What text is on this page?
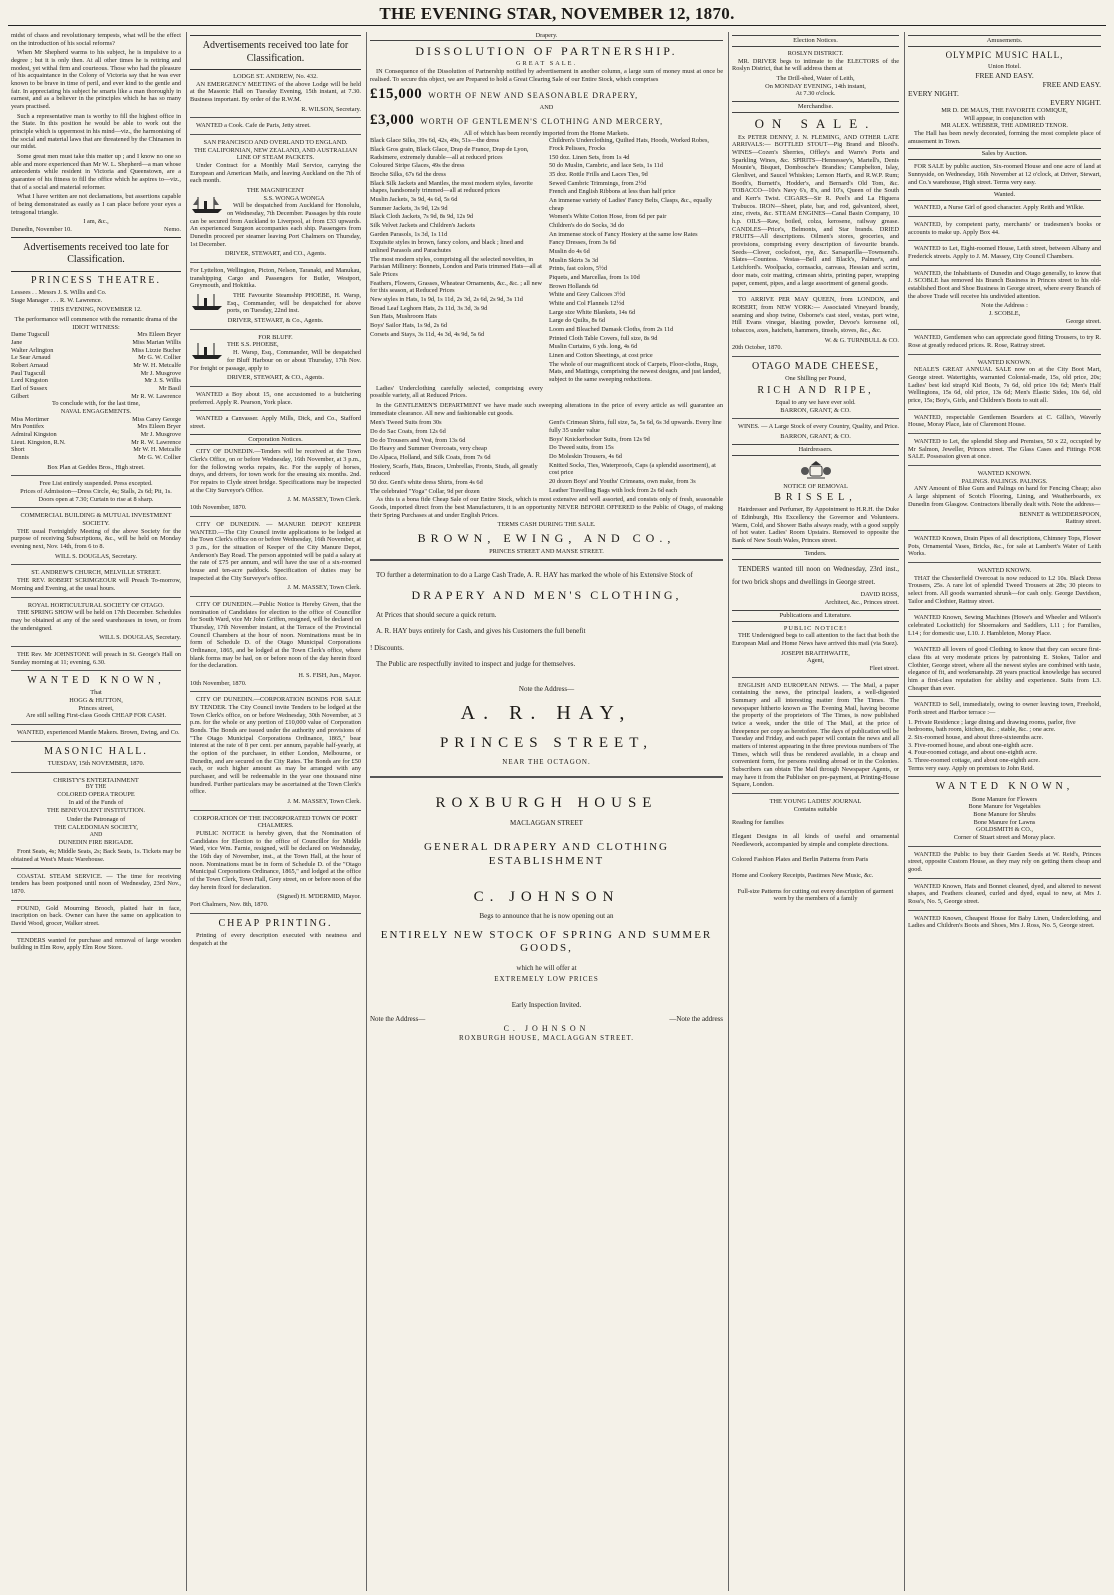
THE EVENING STAR, NOVEMBER 12, 1870.

midst of chaos and revolutionary tempests, what will be the effect on the introduction of his social reforms?

When Mr Shepherd warms to his subject, he is impulsive to a degree ; but it is only then. At all other times he is retiring and modest, yet withal firm and courteous. Those who had the pleasure of his acquaintance in the Colony of Victoria say that he was ever known to be brave in time of peril, and ever kind to the gentle and fair. In appreciating his subject he smarts like a man thoroughly in earnest, and as a believer in the principles which he has so many years practised.

Such a representative man is worthy to fill the highest office in the State. In this position he would be able to work out the principle which is uppermost in his mind—viz., the harmonising of the social and material laws that are threatened by the Chinamen in our midst.

Some great men must take this matter up ; and I know no one so able and more experienced than Mr W. L. Shepherd—a man whose antecedents while resident in Victoria and Queenstown, are a guarantee of his fitness to fill the office which he aspires to—viz., that of a social and material reformer.

What I have written are not declamations, but assertions capable of being demonstrated as easily as I can place before your eyes a tetragonal triangle.

I am, &c.,
Dunedin, November 10.	Nemo.
Advertisements received too late for Classification.
PRINCESS THEATRE.
Lessees . . Messrs J. S. Willis and Co.
Stage Manager . . . R. W. Lawrence.
THIS EVENING, NOVEMBER 12.
The performance will commence with the romantic drama of the
IDIOT WITNESS:
Dame Tugscull	Mrs Eileen Bryer
Jane	Miss Marian Willis
Walter Arlington	Miss Lizzie Bucher
Le Sear Arnaud	Mr G. W. Collier
Robert Arnaud	Mr W. H. Metcalfe
Paul Tugscull	Mr J. Musgrove
Lord Kingston	Mr J. S. Willis
Earl of Sussex	Mr Basil
Gilbert	Mr R. W. Lawrence
To conclude with, for the last time,
NAVAL ENGAGEMENTS.
Miss Mortimer	Miss Carey George
Mrs Pontifex	Mrs Eileen Bryer
Admiral Kingston	Mr J. Musgrove
Lieut. Kingston, R.N.	Mr R. W. Lawrence
Short	Mr W. H. Metcalfe
Dennis	Mr G. W. Collier
Box Plan at Geddes Bros., High street.
Free List entirely suspended. Press excepted.
Prices of Admission—Dress Circle, 4s; Stalls, 2s 6d; Pit, 1s.
Doors open at 7.30; Curtain to rise at 8 sharp.
COMMERCIAL BUILDING & MUTUAL INVESTMENT SOCIETY.

THE usual Fortnightly Meeting of the above Society for the purpose of receiving Subscriptions, &c., will be held on Monday evening next, Nov. 14th, from 6 to 8.

WILL S. DOUGLAS, Secretary.
ST. ANDREW'S CHURCH, MELVILLE STREET.

THE REV. ROBERT SCRIMGEOUR will Preach To-morrow, Morning and Evening, at the usual hours.

ROYAL HORTICULTURAL SOCIETY OF OTAGO.

THE SPRING SHOW will be held on 17th December. Schedules may be obtained at any of the seed warehouses in town, or from the undersigned.

WILL S. DOUGLAS, Secretary.

THE Rev. Mr JOHNSTONE will preach in St. George's Hall on Sunday morning at 11; evening, 6.30.

WANTED KNOWN,
That
HOGG & HUTTON,
Princes street,
Are still selling First-class Goods CHEAP FOR CASH.

WANTED, experienced Mantle Makers. Brown, Ewing, and Co.

MASONIC HALL.
TUESDAY, 15th NOVEMBER, 1870.
CHRISTY'S ENTERTAINMENT
BY THE
COLORED OPERA TROUPE
In aid of the Funds of
THE BENEVOLENT INSTITUTION.
Under the Patronage of
THE CALEDONIAN SOCIETY,
AND
DUNEDIN FIRE BRIGADE.

Front Seats, 4s; Middle Seats, 2s; Back Seats, 1s. Tickets may be obtained at West's Music Warehouse.

COASTAL STEAM SERVICE. — The time for receiving tenders has been postponed until noon of Wednesday, 23rd Nov., 1870.

FOUND, Gold Mourning Brooch, plaited hair in face, inscription on back. Owner can have the same on application to David Wood, grocer, Walker street.

TENDERS wanted for purchase and removal of large wooden building in Elm Row, apply Elm Row Store.

Advertisements received too late for Classification.
LODGE ST. ANDREW, No. 432.

AN EMERGENCY MEETING of the above Lodge will be held at the Masonic Hall on Tuesday Evening, 15th instant, at 7.30. Business important. By order of the R.W.M.

R. WILSON, Secretary.

WANTED a Cook. Cafe de Paris, Jetty street.

SAN FRANCISCO AND OVERLAND TO ENGLAND.
THE CALIFORNIAN, NEW ZEALAND, AND AUSTRALIAN LINE OF STEAM PACKETS.

Under Contract for a Monthly Mail Service, carrying the European and American Mails, and leaving Auckland on the 7th of each month.

THE MAGNIFICENT
S.S. WONGA WONGA

Will be despatched from Auckland for Honolulu, on Wednesday, 7th December. Passages by this route can be secured from Auckland to Liverpool, at from £33 upwards. An experienced Surgeon accompanies each ship. Passengers from Dunedin proceed per steamer leaving Port Chalmers on Thursday, 1st December.

DRIVER, STEWART, and CO., Agents.

For Lyttelton, Wellington, Picton, Nelson, Taranaki, and Manukau, transhipping Cargo and Passengers for Butler, Westport, Greymouth, and Hokitika.

THE Favourite Steamship PHOEBE, H. Warsp, Esq., Commander, will be despatched for above ports, on Tuesday, 22nd inst.

DRIVER, STEWART, & Co., Agents.
FOR BLUFF.
THE S.S. PHOEBE,

H. Warsp, Esq., Commander, Will be despatched for Bluff Harbour on or about Thursday, 17th Nov. For freight or passage, apply to

DRIVER, STEWART, & CO., Agents.

WANTED a Boy about 15, one accustomed to a butchering preferred. Apply R. Pearson, York place.

WANTED a Canvasser. Apply Mills, Dick, and Co., Stafford street.

Corporation Notices.

CITY OF DUNEDIN.—Tenders will be received at the Town Clerk's Office, on or before Wednesday, 16th November, at 3 p.m., for the following works repairs, &c. For the supply of horses, drays, and drivers, for town work for the ensuing six months. 2nd. For repairs to Clyde street bridge. Specifications may be inspected at the City Surveyor's Office.

J. M. MASSEY, Town Clerk.
10th November, 1870.

CITY OF DUNEDIN. — MANURE DEPOT KEEPER WANTED.—The City Council invite applications to be lodged at the Town Clerk's office on or before Wednesday, 16th November, at 3 p.m., for the situation of Keeper of the City Manure Depot, Anderson's Bay Road. The person appointed will be paid a salary at the rate of £75 per annum, and will have the use of a six-roomed house and ten-acre paddock. Specification of duties may be inspected at the City Surveyor's office.

J. M. MASSEY, Town Clerk.

CITY OF DUNEDIN.—Public Notice is Hereby Given, that the nomination of Candidates for election to the office of Councillor for South Ward, vice Mr John Griffen, resigned, will be declared on Thursday, 17th November instant, at the Terrace of the Provincial Council Chambers at the hour of noon. Nominations must be in form of Schedule D. of the Otago Municipal Corporations Ordinance, 1865, and be lodged at the Town Clerk's office, where blank forms may be had, on or before noon of the day herein fixed for the declaration.

H. S. FISH, Jun., Mayor.
10th November, 1870.

CITY OF DUNEDIN.—CORPORATION BONDS FOR SALE BY TENDER. The City Council invite Tenders to be lodged at the Town Clerk's office, on or before Wednesday, 30th November, at 3 p.m. for the whole or any portion of £10,000 value of Corporation Bonds. The Bonds are issued under the authority and provisions of "The Otago Municipal Corporations Ordinance, 1865," bear interest at the rate of 8 per cent. per annum, payable half-yearly, at the option of the purchaser, in either London, Melbourne, or Dunedin, and are secured on the City Rates. The Bonds are for £50 each, or such higher amount as may be arranged with any purchaser, and will be redeemable in the year one thousand nine hundred. Further particulars may be ascertained at the Town Clerk's office.

J. M. MASSEY, Town Clerk.
CORPORATION OF THE INCORPORATED TOWN OF PORT CHALMERS.

PUBLIC NOTICE is hereby given, that the Nomination of Candidates for Election to the office of Councillor for Middle Ward, vice Wm. Farnie, resigned, will be declared on Wednesday, the 16th day of November, inst., at the Town Hall, at the hour of noon. Nominations must be in form of Schedule D. of the "Otago Municipal Corporations Ordinance, 1865," and lodged at the office of the Town Clerk, Town Hall, Grey street, on or before noon of the day herein fixed for declaration.

(Signed) H. M'DERMID, Mayor.
Port Chalmers, Nov. 8th, 1870.
CHEAP PRINTING.

Printing of every description executed with neatness and despatch at the

Drapery.
DISSOLUTION OF PARTNERSHIP.
GREAT SALE.

IN Consequence of the Dissolution of Partnership notified by advertisement in another column, a large sum of money must at once be realised. To secure this object, we are Prepared to hold a Great Clearing Sale of our Entire Stock, which comprises

£15,000 WORTH OF NEW AND SEASONABLE DRAPERY,
AND
£3,000 WORTH OF GENTLEMEN'S CLOTHING AND MERCERY,
All of which has been recently imported from the Home Markets.
Black Glace Silks, 39s 6d, 42s, 49s, 51s—the dress
Black Gros grain, Black Glace, Drap de France, Drap de Lyon, Radsimere, extremely durable—all at reduced prices
Coloured Stripe Glaces, 49s the dress
Broche Silks, 67s 6d the dress
Black Silk Jackets and Mantles, the most modern styles, favorite shapes, handsomely trimmed—all at reduced prices
Muslin Jackets, 3s 9d, 4s 6d, 5s 6d
Summer Jackets, 3s 9d, 12s 9d
Black Cloth Jackets, 7s 9d, 8s 9d, 12s 9d
Silk Velvet Jackets and Children's Jackets
Garden Parasols, 1s 3d, 1s 11d
Exquisite styles in brown, fancy colors, and black ; lined and unlined Parasols and Parachutes
The most modern styles, comprising all the selected novelties, in Parisian Millinery: Bonnets, London and Paris trimmed Hats—all at Sale Prices
Feathers, Flowers, Grasses, Wheatear Ornaments, &c., &c. ; all new for this season, at Reduced Prices
New styles in Hats, 1s 9d, 1s 11d, 2s 3d, 2s 6d, 2s 9d, 3s 11d
Broad Leaf Leghorn Hats, 2s 11d, 3s 3d, 3s 9d
Sun Hats, Mushroom Hats
Boys' Sailor Hats, 1s 9d, 2s 6d
Corsets and Stays, 3s 11d, 4s 3d, 4s 9d, 5s 6d
Children's Underclothing, Quilted Hats, Hoods, Worked Robes, Frock Pelisses, Frocks
150 doz. Linen Sets, from 1s 4d
50 do Muslin, Cambric, and lace Sets, 1s 11d
35 doz. Rottle Frills and Laces Ties, 9d
Sewed Cambric Trimmings, from 2½d
French and English Ribbons at less than half price
An immense variety of Ladies' Fancy Belts, Clasps, &c., equally cheap
Women's White Cotton Hose, from 6d per pair
Children's do do Socks, 3d do
An immense stock of Fancy Hosiery at the same low Rates
Fancy Dresses, from 3s 6d
Muslin do 4s 6d
Muslin Skirts 3s 3d
Prints, fast colors, 5½d
Piquets, and Marcellas, from 1s 10d
Brown Hollands 6d
White and Grey Calicoes 3½d
White and Col Flannels 12½d
Large size White Blankets, 14s 6d
Large do Quilts, 8s 6d
Loom and Bleached Damask Cloths, from 2s 11d
Printed Cloth Table Covers, full size, 8s 9d
Muslin Curtains, 6 yds. long, 4s 6d
Linen and Cotton Sheetings, at cost price
The whole of our magnificent stock of Carpets, Floor-cloths, Rugs, Mats, and Mattings, comprising the newest designs, and just landed, subject to the same sweeping reductions.

Ladies' Underclothing carefully selected, comprising every possible variety, all at Reduced Prices.

In the GENTLEMEN'S DEPARTMENT we have made such sweeping alterations in the price of every article as will guarantee an immediate clearance. All new and fashionable cut goods.

Men's Tweed Suits from 30s
Do do Sac Coats, from 12s 6d
Do do Trousers and Vest, from 13s 6d
Do Heavy and Summer Overcoats, very cheap
Do Alpaca, Holland, and Silk Coats, from 7s 6d
Hosiery, Scarfs, Hats, Braces, Umbrellas, Fronts, Studs, all greatly reduced
50 doz. Gent's white dress Shirts, from 4s 6d
The celebrated "Yoga" Collar, 9d per dozen
Gent's Crimean Shirts, full size, 5s, 5s 6d, 6s 3d upwards. Every line fully 35 under value
Boys' Knickerbocker Suits, from 12s 9d
Do Tweed suits, from 15s
Do Moleskin Trousers, 4s 6d
Knitted Socks, Ties, Waterproofs, Caps (a splendid assortment), at cost price
20 dozen Boys' and Youths' Crimeans, own make, from 3s
Leather Travelling Bags with lock from 2s 6d each

As this is a bona fide Cheap Sale of our Entire Stock, which is most extensive and well assorted, and consists only of fresh, seasonable Goods, imported direct from the best Manufacturers, it is an opportunity NEVER BEFORE OFFERED to the Public of Otago, of making their Spring Purchases at and under English Prices.

TERMS CASH DURING THE SALE.
BROWN, EWING, AND CO.,
PRINCES STREET AND MANSE STREET.

TO further a determination to do a Large Cash Trade, A. R. HAY has marked the whole of his Extensive Stock of

DRAPERY AND MEN'S CLOTHING,

At Prices that should secure a quick return.

A. R. HAY buys entirely for Cash, and gives his Customers the full benefit

! Discounts.

The Public are respectfully invited to inspect and judge for themselves.

Note the Address—
A. R. HAY,
PRINCES STREET,
NEAR THE OCTAGON.
ROXBURGH HOUSE
MACLAGGAN STREET
GENERAL DRAPERY AND CLOTHING ESTABLISHMENT
C. JOHNSON
Begs to announce that he is now opening out an
ENTIRELY NEW STOCK OF SPRING AND SUMMER GOODS,
which he will offer at
EXTREMELY LOW PRICES
Early Inspection Invited.
Note the Address—	—Note the address
C. JOHNSON
ROXBURGH HOUSE, MACLAGGAN STREET.
Election Notices.
ROSLYN DISTRICT.

MR. DRIVER begs to intimate to the ELECTORS of the Roslyn District, that he will address them at

The Drill-shed, Water of Leith,
On MONDAY EVENING, 14th instant,
At 7.30 o'clock.
Merchandise.
ON SALE.

Ex PETER DENNY, J. N. FLEMING, AND OTHER LATE ARRIVALS:— BOTTLED STOUT—Pig Brand and Blood's. WINES—Cozen's Sherries, Offley's and Warre's Ports and Sparkling Wines, &c. SPIRITS—Hennessey's, Martell's, Denis Mounie's, Bisquet, Dombosche's Brandies; Campbelton, Islay, Glenlivet, and Saucel Whiskies; Lemon Hart's, and R.W.P. Rum; Booth's, Burnett's, Hodder's, and Bernard's Old Tom, &c. TOBACCO—10s's Navy 6's, 8's, and 10's, Queen of the South and Kerr's Twist. CIGARS—Sir R. Peel's and La Higuera Trabucos. IRON—Sheet, plate, bar, and rod, galvanized, sheet, zinc, rivets, &c. STEAM ENGINES—Canal Basin Company, 10 h.p. OILS—Raw, boiled, colza, kerosene, railway grease. CANDLES—Price's, Belmonts, and Star brands. DRIED FRUITS—All descriptions. Oilmen's stores, groceries, and provisions, comprising every description of favourite brands. Seeds—Clover, cocksfoot, rye, &c. Sarsaparilla—Townsend's. Slates—Countess. Vestas—Bell and Black's, Palmer's, and Letchford's. Woolpacks, cornsacks, canvass, Hessian and scrim, door mats, coir matting, crimean shirts, printing paper, wrapping paper, cement, pipes, and a large assortment of general goods.

TO ARRIVE PER MAY QUEEN, from LONDON, and ROBERT, from NEW YORK:— Associated Vineyard brandy, seaming and shop twine, Osborne's cast steel, vestas, port wine, Hill Evans vinegar, blasting powder, Devoe's kerosene oil, tobaccos, axes, hatchets, hammers, tinsels, stoves, &c., &c.

W. & G. TURNBULL & CO.
20th October, 1870.
OTAGO MADE CHEESE,
One Shilling per Pound,
RICH AND RIPE,
Equal to any we have ever sold.
BARRON, GRANT, & CO.

WINES. — A Large Stock of every Country, Quality, and Price.

BARRON, GRANT, & CO.
Hairdressers.
NOTICE OF REMOVAL
BRISSEL,

Hairdresser and Perfumer, By Appointment to H.R.H. the Duke of Edinburgh, His Excellency the Governor and Volunteers. Warm, Cold, and Shower Baths always ready, with a good supply of hot water. Ladies' Room Upstairs. Removed to opposite the Bank of New South Wales, Princes street.

Tenders.

TENDERS wanted till noon on Wednesday, 23rd inst., for two brick shops and dwellings in George street.

DAVID ROSS,
Architect, &c., Princes street.
Publications and Literature.
PUBLIC NOTICE!

THE Undersigned begs to call attention to the fact that both the European Mail and Home News have arrived this mail (via Suez).

JOSEPH BRAITHWAITE,
Agent,
Fleet street.

ENGLISH AND EUROPEAN NEWS. — The Mail, a paper containing the news, the principal leaders, a well-digested Summary and all interesting matter from The Times. The newspaper hitherto known as The Evening Mail, having become the property of the proprietors of The Times, is now published twice a week, under the title of The Mail, at the price of threepence per copy as heretofore. The days of publication will be Tuesday and Friday, and each paper will contain the news and all matters of interest appearing in the three previous numbers of The Times, which will thus be rendered available, in a cheap and convenient form, for persons residing abroad or in the Colonies. Subscribers can obtain The Mail through Newspaper Agents, or may have it from the Publisher on pre-payment, at Printing-House Square, London.

THE YOUNG LADIES' JOURNAL
Contains suitable
Reading for families

Elegant Designs in all kinds of useful and ornamental Needlework, accompanied by simple and complete directions.

Colored Fashion Plates and Berlin Patterns from Paris

Home and Cookery Receipts, Pastimes New Music, &c.

Full-size Patterns for cutting out every description of garment worn by the members of a family

Amusements.
OLYMPIC MUSIC HALL,
Union Hotel.
FREE AND EASY.
FREE AND EASY.
EVERY NIGHT.
EVERY NIGHT.
MR D. DE MAUS, THE FAVORITE COMIQUE,
Will appear, in conjunction with
MR ALEX. WEBBER, THE ADMIRED TENOR.

The Hall has been newly decorated, forming the most complete place of amusement in Town.

Sales by Auction.

FOR SALE by public auction, Six-roomed House and one acre of land at Sunnyside, on Wednesday, 16th November at 12 o'clock, at Driver, Stewart, and Co.'s warehouse, High street. Terms very easy.

Wanted.

WANTED, a Nurse Girl of good character. Apply Reith and Wilkie.

WANTED, by competent party, merchants' or tradesmen's books or accounts to make up. Apply Box 44.

WANTED to Let, Eight-roomed House, Leith street, between Albany and Frederick streets. Apply to J. M. Massey, City Council Chambers.

WANTED, the Inhabitants of Dunedin and Otago generally, to know that J. SCOBLE has removed his Branch Business in Princes street to his old-established Boot and Shoe Business in George street, where every Branch of the above Trade will receive his undivided attention.

Note the Address :
J. SCOBLE,
George street.

WANTED, Gentlemen who can appreciate good fitting Trousers, to try R. Rose at greatly reduced prices. R. Rose, Rattray street.

WANTED KNOWN.

NEALE'S GREAT ANNUAL SALE now on at the City Boot Mart, George street. Watertights, warranted Colonial-made, 15s, old price, 20s; Ladies' best kid strap'd Kid Boots, 7s 6d, old price 10s 6d; Men's Half Wellingtons, 15s 6d, old price, 13s 6d; Men's Elastic Sides, 10s 6d, old price, 15s; Boy's, Girls, and Children's Boots to suit all.

WANTED, respectable Gentlemen Boarders at C. Gillis's, Waverly House, Moray Place, late of Claremont House.

WANTED to Let, the splendid Shop and Premises, 50 x 22, occupied by Mr Salmon, Jeweller, Princes street. The Glass Cases and Fittings FOR SALE. Possession given at once.

WANTED KNOWN.
PALINGS. PALINGS. PALINGS.

ANY Amount of Blue Gum and Palings on hand for Fencing Cheap; also A large shipment of Scotch Flooring, Lining, and Weatherboards, ex Dunedin from Glasgow. Contractors liberally dealt with. Note the address—

BENNET & WEDDERSPOON,
Rattray street.

WANTED Known, Drain Pipes of all descriptions, Chimney Tops, Flower Pots, Ornamental Vases, Bricks, &c., for sale at Lambert's Water of Leith Works.

WANTED KNOWN.

THAT the Chesterfield Overcoat is now reduced to L2 10s. Black Dress Trousers, 25s. A rare lot of splendid Tweed Trousers at 28s; 30 pieces to select from. All goods warranted shrunk—for cash only. George Davidson, Tailor and Clothier, Rattray street.

WANTED Known, Sewing Machines (Howe's and Wheeler and Wilson's celebrated Lockstitch) for Shoemakers and Saddlers, L11 ; for Families, L14 ; for domestic use, L10. J. Hambleton, Moray Place.

WANTED all lovers of good Clothing to know that they can secure first-class fits at very moderate prices by patronising E. Stokes, Tailor and Clothier, George street, where all the newest styles are combined with taste, elegance of fit, and workmanship. 28 years practical knowledge has secured him a first-class reputation for ability and experience. Suits from L3. Cheaper than ever.

WANTED to Sell, immediately, owing to owner leaving town, Freehold, Forth street and Harbor terrace :—

1. Private Residence ; large dining and drawing rooms, parlor, five bedrooms, bath room, kitchen, &c. ; stable, &c. ; one acre.
2. Six-roomed house, and about three-sixteenths acre.
3. Five-roomed house, and about one-eighth acre.
4. Four-roomed cottage, and about one-eighth acre.
5. Three-roomed cottage, and about one-eighth acre.
Terms very easy. Apply on premises to John Reid.
WANTED KNOWN,
Bone Manure for Flowers
Bone Manure for Vegetables
Bone Manure for Shrubs
Bone Manure for Lawns
GOLDSMITH & CO.,
Corner of Stuart street and Moray place.

WANTED the Public to buy their Garden Seeds at W. Reid's, Princes street, opposite Custom House, as they may rely on getting them cheap and good.

WANTED Known, Hats and Bonnet cleaned, dyed, and altered to newest shapes, and Feathers cleaned, curled and dyed, equal to new, at Mrs J. Ross's, No. 5, George street.

WANTED Known, Cheapest House for Baby Linen, Underclothing, and Ladies and Children's Boots and Shoes, Mrs J. Ross, No. 5, George street.
